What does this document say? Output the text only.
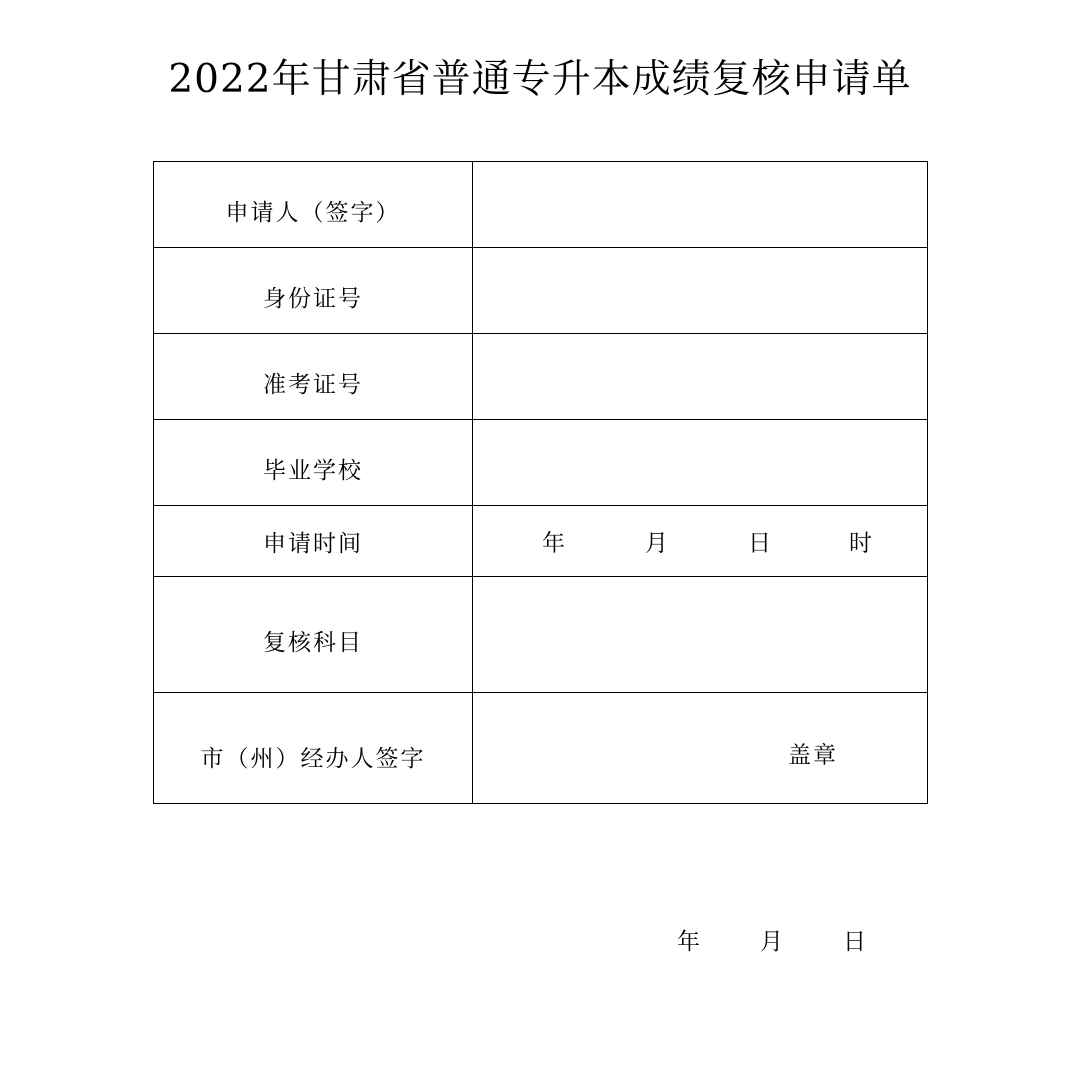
2022年甘肃省普通专升本成绩复核申请单
申请人（签字）	
身份证号	
准考证号	
毕业学校	
申请时间	年 月 日 时

复核科目	
市（州）经办人签字	盖章
年	月	日
